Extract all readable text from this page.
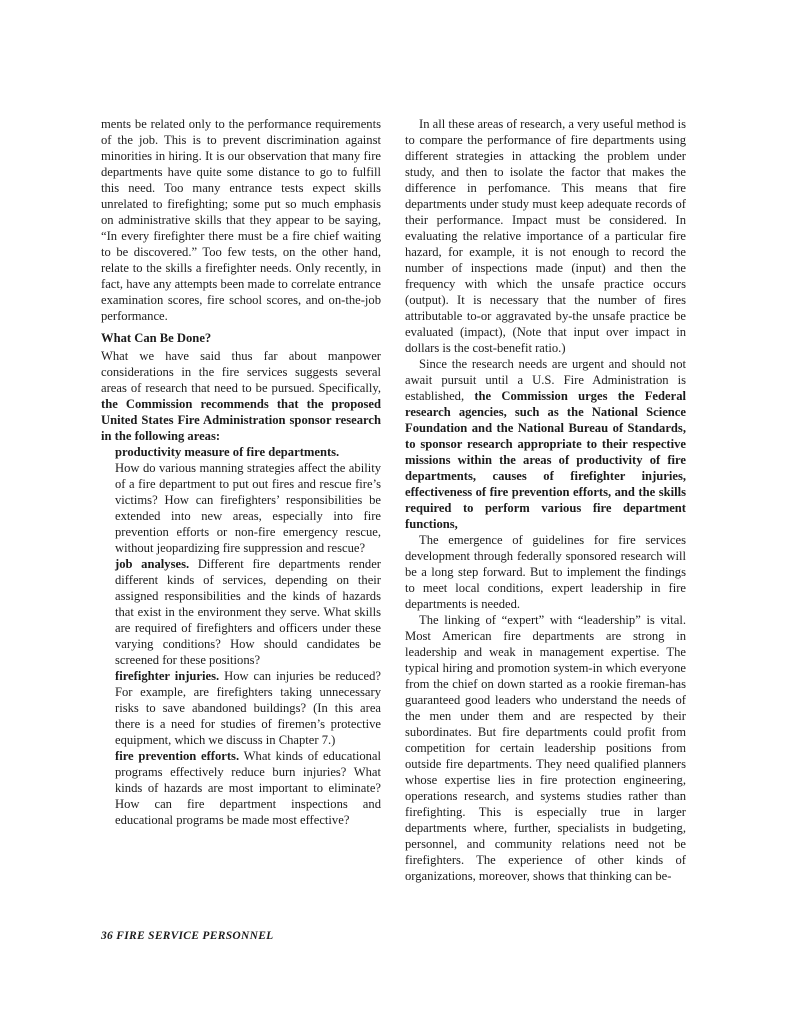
ments be related only to the performance requirements of the job. This is to prevent discrimination against minorities in hiring. It is our observation that many fire departments have quite some distance to go to fulfill this need. Too many entrance tests expect skills unrelated to firefighting; some put so much emphasis on administrative skills that they appear to be saying, “In every firefighter there must be a fire chief waiting to be discovered.” Too few tests, on the other hand, relate to the skills a firefighter needs. Only recently, in fact, have any attempts been made to correlate entrance examination scores, fire school scores, and on-the-job performance.

What Can Be Done?

What we have said thus far about manpower considerations in the fire services suggests several areas of research that need to be pursued. Specifically, the Commission recommends that the proposed United States Fire Administration sponsor research in the following areas:

productivity measure of fire departments.
How do various manning strategies affect the ability of a fire department to put out fires and rescue fire’s victims? How can firefighters’ responsibilities be extended into new areas, especially into fire prevention efforts or non-fire emergency rescue, without jeopardizing fire suppression and rescue?

job analyses. Different fire departments render different kinds of services, depending on their assigned responsibilities and the kinds of hazards that exist in the environment they serve. What skills are required of firefighters and officers under these varying conditions? How should candidates be screened for these positions?

firefighter injuries. How can injuries be reduced? For example, are firefighters taking unnecessary risks to save abandoned buildings? (In this area there is a need for studies of firemen’s protective equipment, which we discuss in Chapter 7.)

fire prevention efforts. What kinds of educational programs effectively reduce burn injuries? What kinds of hazards are most important to eliminate? How can fire department inspections and educational programs be made most effective?

In all these areas of research, a very useful method is to compare the performance of fire departments using different strategies in attacking the problem under study, and then to isolate the factor that makes the difference in perfomance. This means that fire departments under study must keep adequate records of their performance. Impact must be considered. In evaluating the relative importance of a particular fire hazard, for example, it is not enough to record the number of inspections made (input) and then the frequency with which the unsafe practice occurs (output). It is necessary that the number of fires attributable to-or aggravated by-the unsafe practice be evaluated (impact), (Note that input over impact in dollars is the cost-benefit ratio.)

Since the research needs are urgent and should not await pursuit until a U.S. Fire Administration is established, the Commission urges the Federal research agencies, such as the National Science Foundation and the National Bureau of Standards, to sponsor research appropriate to their respective missions within the areas of productivity of fire departments, causes of firefighter injuries, effectiveness of fire prevention efforts, and the skills required to perform various fire department functions,

The emergence of guidelines for fire services development through federally sponsored research will be a long step forward. But to implement the findings to meet local conditions, expert leadership in fire departments is needed.

The linking of “expert” with “leadership” is vital. Most American fire departments are strong in leadership and weak in management expertise. The typical hiring and promotion system-in which everyone from the chief on down started as a rookie fireman-has guaranteed good leaders who understand the needs of the men under them and are respected by their subordinates. But fire departments could profit from competition for certain leadership positions from outside fire departments. They need qualified planners whose expertise lies in fire protection engineering, operations research, and systems studies rather than firefighting. This is especially true in larger departments where, further, specialists in budgeting, personnel, and community relations need not be firefighters. The experience of other kinds of organizations, moreover, shows that thinking can be-

36 FIRE SERVICE PERSONNEL
